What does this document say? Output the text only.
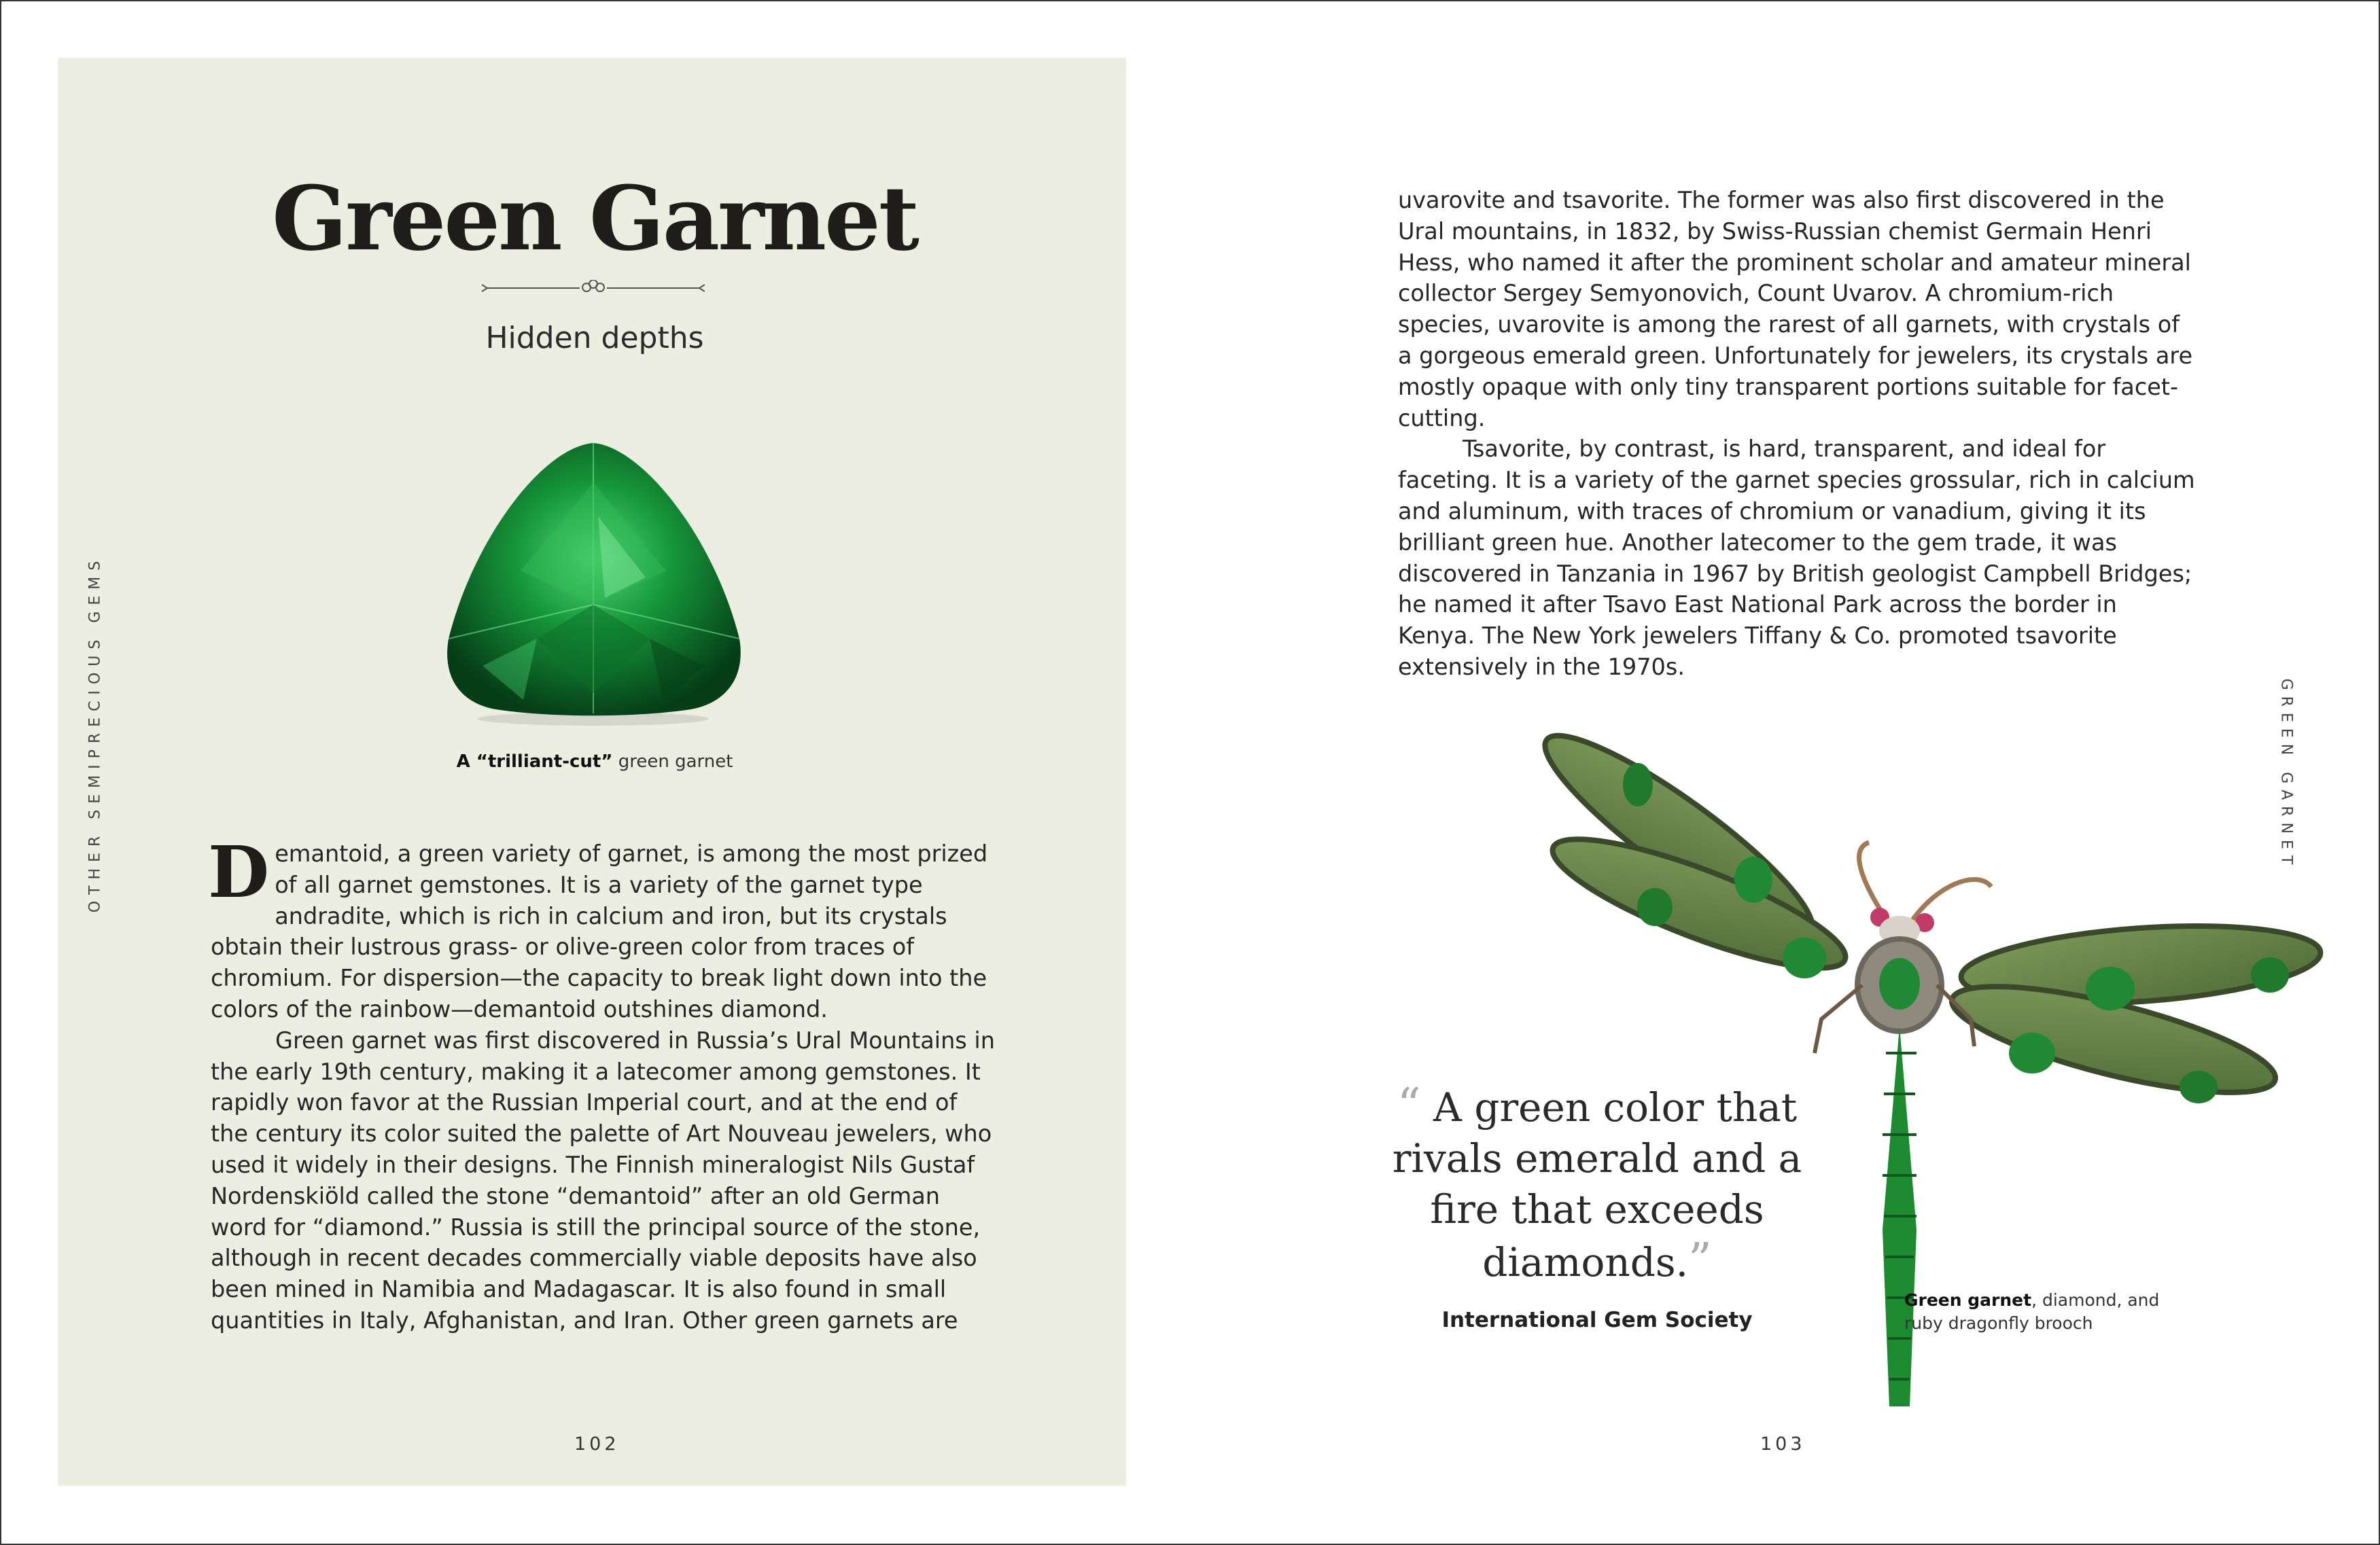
OTHER SEMIPRECIOUS GEMS
Green Garnet
Hidden depths
A “trilliant-cut” green garnet

Demantoid, a green variety of garnet, is among the most prized of all garnet gemstones. It is a variety of the garnet type andradite, which is rich in calcium and iron, but its crystals obtain their lustrous grass- or olive-green color from traces of chromium. For dispersion—the capacity to break light down into the colors of the rainbow—demantoid outshines diamond.

Green garnet was first discovered in Russia’s Ural Mountains in the early 19th century, making it a latecomer among gemstones. It rapidly won favor at the Russian Imperial court, and at the end of the century its color suited the palette of Art Nouveau jewelers, who used it widely in their designs. The Finnish mineralogist Nils Gustaf Nordenskiöld called the stone “demantoid” after an old German word for “diamond.” Russia is still the principal source of the stone, although in recent decades commercially viable deposits have also been mined in Namibia and Madagascar. It is also found in small quantities in Italy, Afghanistan, and Iran. Other green garnets are

102

uvarovite and tsavorite. The former was also first discovered in the Ural mountains, in 1832, by Swiss-Russian chemist Germain Henri Hess, who named it after the prominent scholar and amateur mineral collector Sergey Semyonovich, Count Uvarov. A chromium-rich species, uvarovite is among the rarest of all garnets, with crystals of a gorgeous emerald green. Unfortunately for jewelers, its crystals are mostly opaque with only tiny transparent portions suitable for facet-cutting.

Tsavorite, by contrast, is hard, transparent, and ideal for faceting. It is a variety of the garnet species grossular, rich in calcium and aluminum, with traces of chromium or vanadium, giving it its brilliant green hue. Another latecomer to the gem trade, it was discovered in Tanzania in 1967 by British geologist Campbell Bridges; he named it after Tsavo East National Park across the border in Kenya. The New York jewelers Tiffany & Co. promoted tsavorite extensively in the 1970s.

GREEN GARNET
“ A green color that rivals emerald and a fire that exceeds diamonds.”
International Gem Society
Green garnet, diamond, and ruby dragonfly brooch
103
